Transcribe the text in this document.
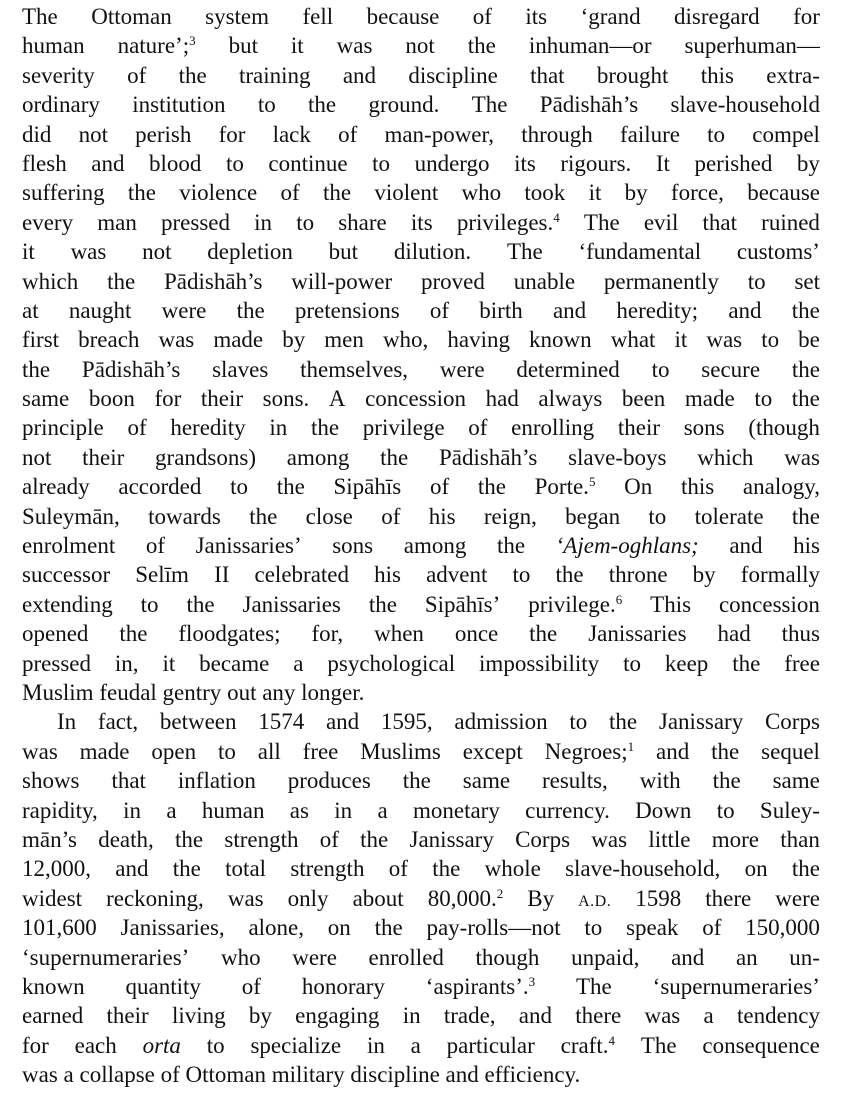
The Ottoman system fell because of its ‘grand disregard for
human nature’;$^3$ but it was not the inhuman—or superhuman—
severity of the training and discipline that brought this extra-
ordinary institution to the ground. The Pādishāh’s slave-household
did not perish for lack of man-power, through failure to compel
flesh and blood to continue to undergo its rigours. It perished by
suffering the violence of the violent who took it by force, because
every man pressed in to share its privileges.$^4$ The evil that ruined
it was not depletion but dilution. The ‘fundamental customs’
which the Pādishāh’s will-power proved unable permanently to set
at naught were the pretensions of birth and heredity; and the
first breach was made by men who, having known what it was to be
the Pādishāh’s slaves themselves, were determined to secure the
same boon for their sons. A concession had always been made to the
principle of heredity in the privilege of enrolling their sons (though
not their grandsons) among the Pādishāh’s slave-boys which was
already accorded to the Sipāhīs of the Porte.$^5$ On this analogy,
Suleymān, towards the close of his reign, began to tolerate the
enrolment of Janissaries’ sons among the ‘Ajem-oghlans; and his
successor Selīm II celebrated his advent to the throne by formally
extending to the Janissaries the Sipāhīs’ privilege.$^6$ This concession
opened the floodgates; for, when once the Janissaries had thus
pressed in, it became a psychological impossibility to keep the free
Muslim feudal gentry out any longer.
In fact, between 1574 and 1595, admission to the Janissary Corps
was made open to all free Muslims except Negroes;$^1$ and the sequel
shows that inflation produces the same results, with the same
rapidity, in a human as in a monetary currency. Down to Suley-
mān’s death, the strength of the Janissary Corps was little more than
12,000, and the total strength of the whole slave-household, on the
widest reckoning, was only about 80,000.$^2$ By A.D. 1598 there were
101,600 Janissaries, alone, on the pay-rolls—not to speak of 150,000
‘supernumeraries’ who were enrolled though unpaid, and an un-
known quantity of honorary ‘aspirants’.$^3$ The ‘supernumeraries’
earned their living by engaging in trade, and there was a tendency
for each orta to specialize in a particular craft.$^4$ The consequence
was a collapse of Ottoman military discipline and efficiency.
